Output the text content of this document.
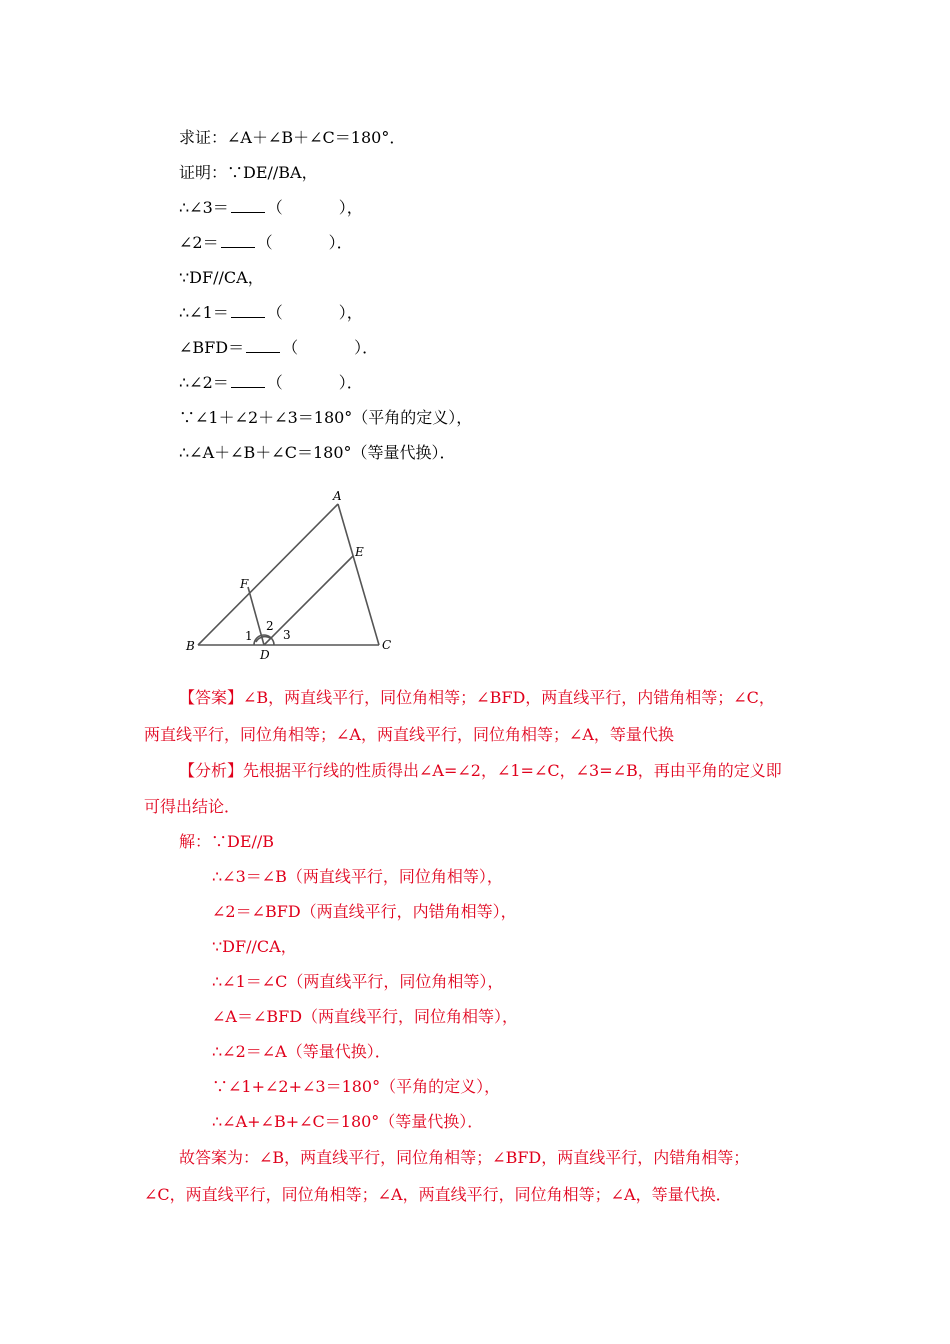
求证：∠A＋∠B＋∠C＝180°．
证明：∵DE//BA，
∴∠3＝ （	），
∠2＝ （	）．
∵DF//CA，
∴∠1＝ （	），
∠BFD＝ （	）．
∴∠2＝ （	）．
∵∠1＋∠2＋∠3＝180°（平角的定义），
∴∠A＋∠B＋∠C＝180°（等量代换）．
A
B	C
D
E
F
1
2
3
【答案】∠B，两直线平行，同位角相等；∠BFD，两直线平行，内错角相等；∠C，
两直线平行，同位角相等；∠A，两直线平行，同位角相等；∠A，等量代换
【分析】先根据平行线的性质得出∠A=∠2，∠1=∠C，∠3=∠B，再由平角的定义即
可得出结论．
解：∵DE//B
∴∠3＝∠B（两直线平行，同位角相等），
∠2＝∠BFD（两直线平行，内错角相等），
∵DF//CA，
∴∠1＝∠C（两直线平行，同位角相等），
∠A＝∠BFD（两直线平行，同位角相等），
∴∠2＝∠A（等量代换）．
∵∠1+∠2+∠3＝180°（平角的定义），
∴∠A+∠B+∠C＝180°（等量代换）．
故答案为：∠B，两直线平行，同位角相等；∠BFD，两直线平行，内错角相等；
∠C，两直线平行，同位角相等；∠A，两直线平行，同位角相等；∠A，等量代换．
